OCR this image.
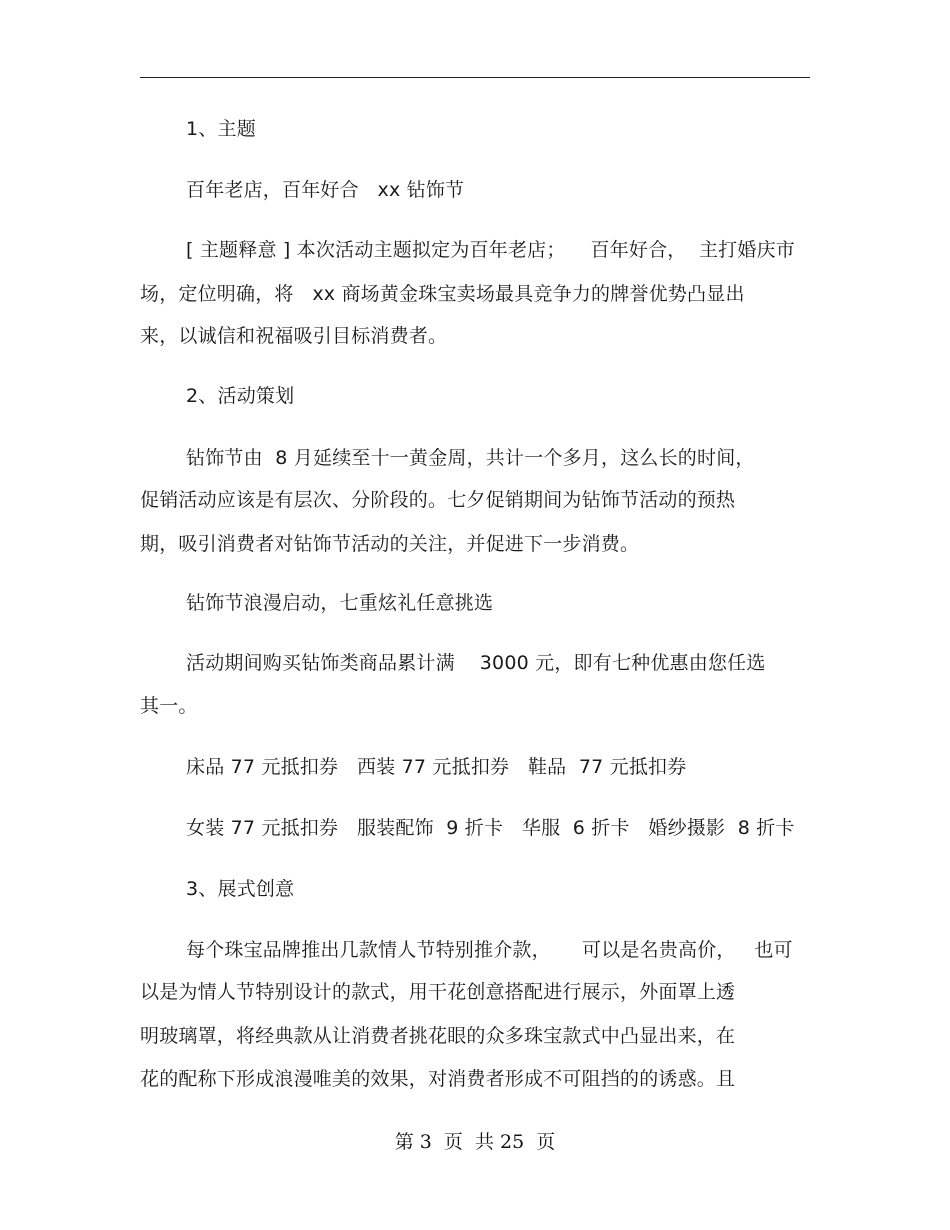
1、主题
百年老店，百年好合   xx 钻饰节
[ 主题释意 ] 本次活动主题拟定为百年老店；    百年好合，  主打婚庆市
场，定位明确，将   xx 商场黄金珠宝卖场最具竞争力的牌誉优势凸显出
来，以诚信和祝福吸引目标消费者。
2、活动策划
钻饰节由  8 月延续至十一黄金周，共计一个多月，这么长的时间，
促销活动应该是有层次、分阶段的。七夕促销期间为钻饰节活动的预热
期，吸引消费者对钻饰节活动的关注，并促进下一步消费。
钻饰节浪漫启动，七重炫礼任意挑选
活动期间购买钻饰类商品累计满    3000 元，即有七种优惠由您任选
其一。
床品 77 元抵扣券   西装 77 元抵扣券   鞋品  77 元抵扣券
女装 77 元抵扣券   服装配饰  9 折卡   华服  6 折卡   婚纱摄影  8 折卡
3、展式创意
每个珠宝品牌推出几款情人节特别推介款，     可以是名贵高价，   也可
以是为情人节特别设计的款式，用干花创意搭配进行展示，外面罩上透
明玻璃罩，将经典款从让消费者挑花眼的众多珠宝款式中凸显出来，在
花的配称下形成浪漫唯美的效果，对消费者形成不可阻挡的的诱惑。且
第 3  页  共 25  页
